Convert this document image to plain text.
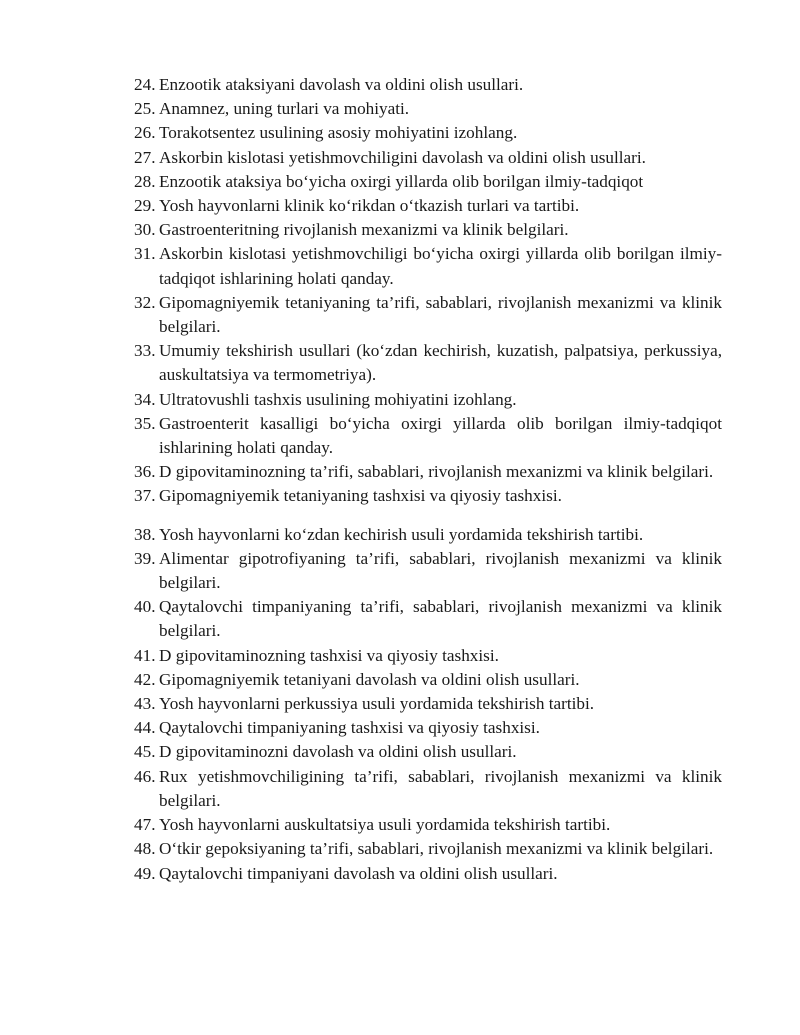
24. Enzootik ataksiyani davolash va oldini olish usullari.
25. Anamnez, uning turlari va mohiyati.
26. Torakotsentez usulining asosiy mohiyatini izohlang.
27. Askorbin kislotasi yetishmovchiligini davolash va oldini olish usullari.
28. Enzootik ataksiya bo‘yicha oxirgi yillarda olib borilgan ilmiy-tadqiqot
29. Yosh hayvonlarni klinik ko‘rikdan o‘tkazish turlari va tartibi.
30. Gastroenteritning rivojlanish mexanizmi va klinik belgilari.
31. Askorbin kislotasi yetishmovchiligi bo‘yicha oxirgi yillarda olib borilgan ilmiy-tadqiqot ishlarining holati qanday.
32. Gipomagniyemik tetaniyaning ta’rifi, sabablari, rivojlanish mexanizmi va klinik belgilari.
33. Umumiy tekshirish usullari (ko‘zdan kechirish, kuzatish, palpatsiya, perkussiya, auskultatsiya va termometriya).
34. Ultratovushli tashxis usulining mohiyatini izohlang.
35. Gastroenterit kasalligi bo‘yicha oxirgi yillarda olib borilgan ilmiy-tadqiqot ishlarining holati qanday.
36. D gipovitaminozning ta’rifi, sabablari, rivojlanish mexanizmi va klinik belgilari.
37. Gipomagniyemik tetaniyaning tashxisi va qiyosiy tashxisi.
38. Yosh hayvonlarni ko‘zdan kechirish usuli yordamida tekshirish tartibi.
39. Alimentar gipotrofiyaning ta’rifi, sabablari, rivojlanish mexanizmi va klinik belgilari.
40. Qaytalovchi timpaniyaning ta’rifi, sabablari, rivojlanish mexanizmi va klinik belgilari.
41. D gipovitaminozning tashxisi va qiyosiy tashxisi.
42. Gipomagniyemik tetaniyani davolash va oldini olish usullari.
43. Yosh hayvonlarni perkussiya usuli yordamida tekshirish tartibi.
44. Qaytalovchi timpaniyaning tashxisi va qiyosiy tashxisi.
45. D gipovitaminozni davolash va oldini olish usullari.
46. Rux yetishmovchiligining ta’rifi, sabablari, rivojlanish mexanizmi va klinik belgilari.
47. Yosh hayvonlarni auskultatsiya usuli yordamida tekshirish tartibi.
48. O‘tkir gepoksiyaning ta’rifi, sabablari, rivojlanish mexanizmi va klinik belgilari.
49. Qaytalovchi timpaniyani davolash va oldini olish usullari.
